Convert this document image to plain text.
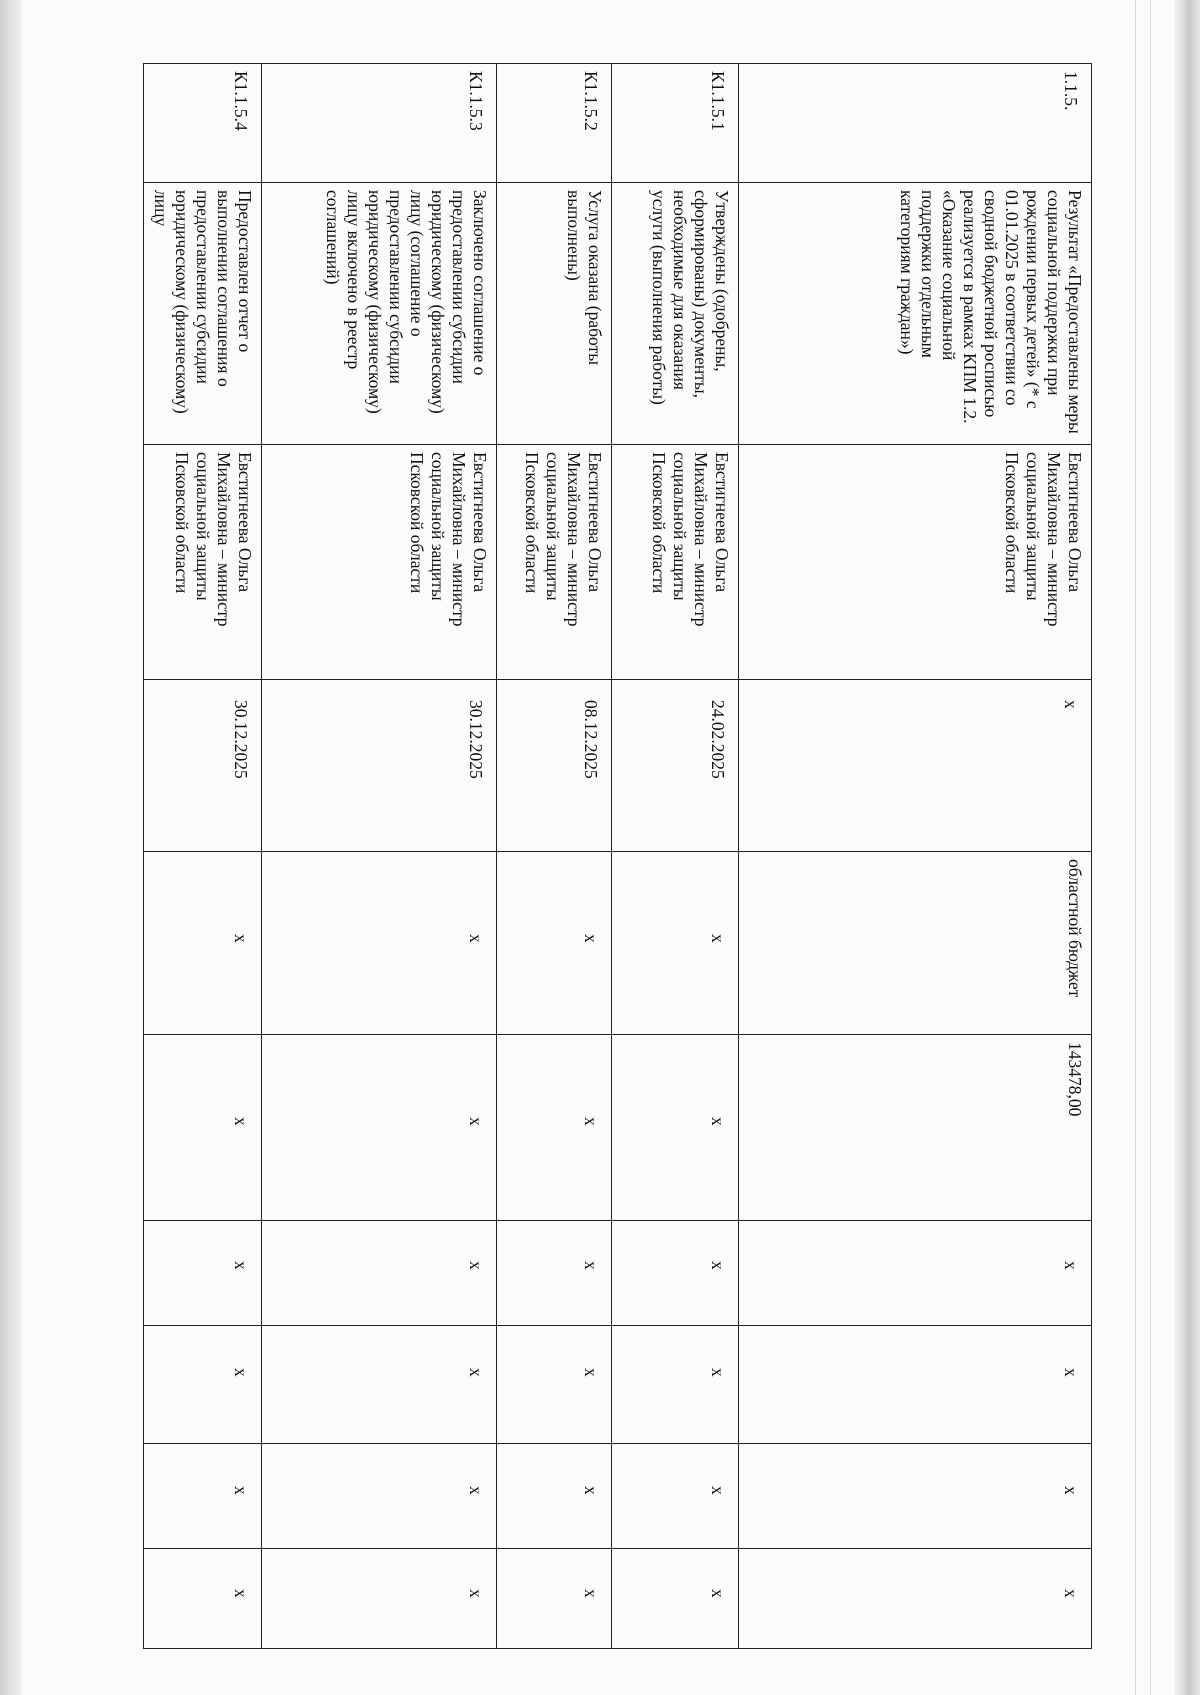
1.1.5.	Результат «Предоставлены меры социальной поддержки при рождении первых детей» (* с 01.01.2025 в соответствии со сводной бюджетной росписью реализуется в рамках КПМ 1.2. «Оказание социальной поддержки отдельным категориям граждан»)	Евстигнеева Ольга Михайловна – министр социальной защиты Псковской области	x	областной бюджет	143478,00	x	x	x	x
К1.1.5.1	Утверждены (одобрены, сформированы) документы, необходимые для оказания услуги (выполнения работы)	Евстигнеева Ольга Михайловна – министр социальной защиты Псковской области	24.02.2025	x	x	x	x	x	x
К1.1.5.2	Услуга оказана (работы выполнены)	Евстигнеева Ольга Михайловна – министр социальной защиты Псковской области	08.12.2025	x	x	x	x	x	x
К1.1.5.3	Заключено соглашение о предоставлении субсидии юридическому (физическому) лицу (соглашение о предоставлении субсидии юридическому (физическому) лицу включено в реестр соглашений)	Евстигнеева Ольга Михайловна – министр социальной защиты Псковской области	30.12.2025	x	x	x	x	x	x
К1.1.5.4	Предоставлен отчет о выполнении соглашения о предоставлении субсидии юридическому (физическому) лицу	Евстигнеева Ольга Михайловна – министр социальной защиты Псковской области	30.12.2025	x	x	x	x	x	x
